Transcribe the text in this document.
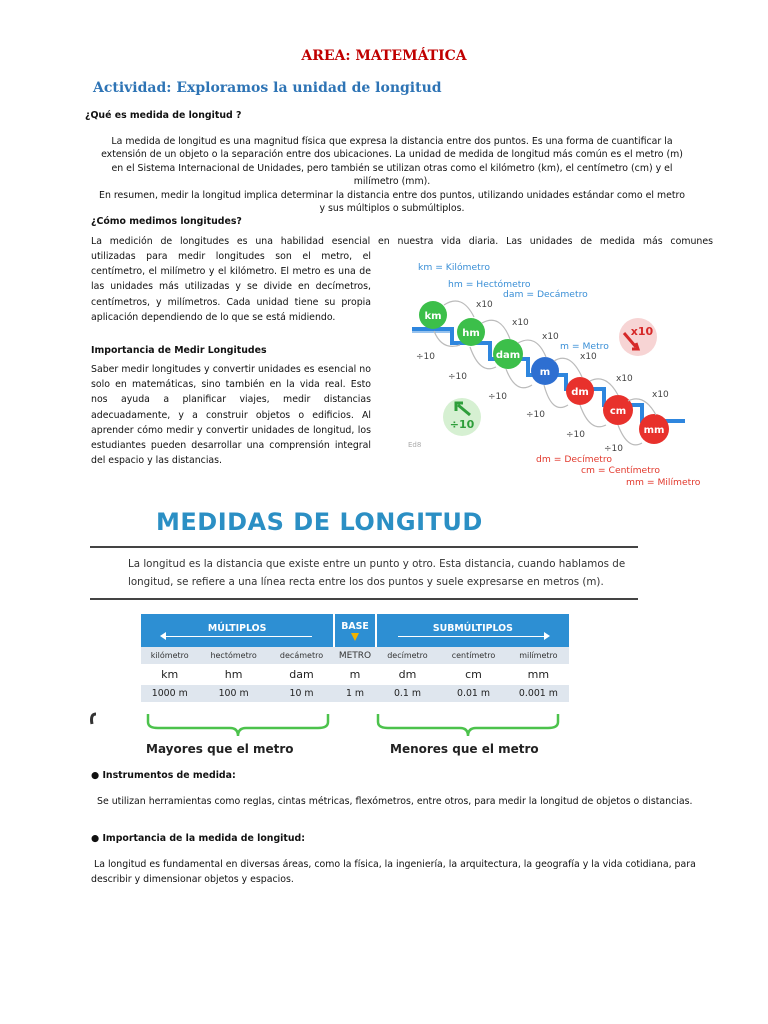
AREA: MATEMÁTICA
Actividad: Exploramos la unidad de longitud
¿Qué es medida de longitud ?
La medida de longitud es una magnitud física que expresa la distancia entre dos puntos. Es una forma de cuantificar la
extensión de un objeto o la separación entre dos ubicaciones. La unidad de medida de longitud más común es el metro (m)
en el Sistema Internacional de Unidades, pero también se utilizan otras como el kilómetro (km), el centímetro (cm) y el
milímetro (mm).
En resumen, medir la longitud implica determinar la distancia entre dos puntos, utilizando unidades estándar como el metro
y sus múltiplos o submúltiplos.
¿Cómo medimos longitudes?
La medición de longitudes es una habilidad esencial en nuestra vida diaria. Las unidades de medida más comunes
utilizadas para medir longitudes son el metro, el centímetro, el milímetro y el kilómetro. El metro es una de las unidades más utilizadas y se divide en decímetros, centímetros, y milímetros. Cada unidad tiene su propia aplicación dependiendo de lo que se está midiendo.
Importancia de Medir Longitudes
Saber medir longitudes y convertir unidades es esencial no solo en matemáticas, sino también en la vida real. Esto nos ayuda a planificar viajes, medir distancias adecuadamente, y a construir objetos o edificios. Al aprender cómo medir y convertir unidades de longitud, los estudiantes pueden desarrollar una comprensión integral del espacio y las distancias.
km = Kilómetro
hm = Hectómetro
dam = Decámetro
km
hm
dam
m
dm
cm
mm
x10
x10
x10
x10
x10
x10
÷10
÷10
÷10
÷10
÷10
÷10
m = Metro
x10
÷10
Ed8
dm = Decímetro
cm = Centímetro
mm = Milímetro
MEDIDAS DE LONGITUD
La longitud es la distancia que existe entre un punto y otro. Esta distancia, cuando hablamos de longitud, se refiere a una línea recta entre los dos puntos y suele expresarse en metros (m).
MÚLTIPLOS			BASE	SUBMÚLTIPLOS		

kilómetro	hectómetro	decámetro	METRO	decímetro	centímetro	milímetro
km	hm	dam	m	dm	cm	mm
1000 m	100 m	10 m	1 m	0.1 m	0.01 m	0.001 m
Mayores que el metro	Menores que el metro
● Instrumentos de medida:
Se utilizan herramientas como reglas, cintas métricas, flexómetros, entre otros, para medir la longitud de objetos o distancias.
● Importancia de la medida de longitud:
La longitud es fundamental en diversas áreas, como la física, la ingeniería, la arquitectura, la geografía y la vida cotidiana, para describir y dimensionar objetos y espacios.
